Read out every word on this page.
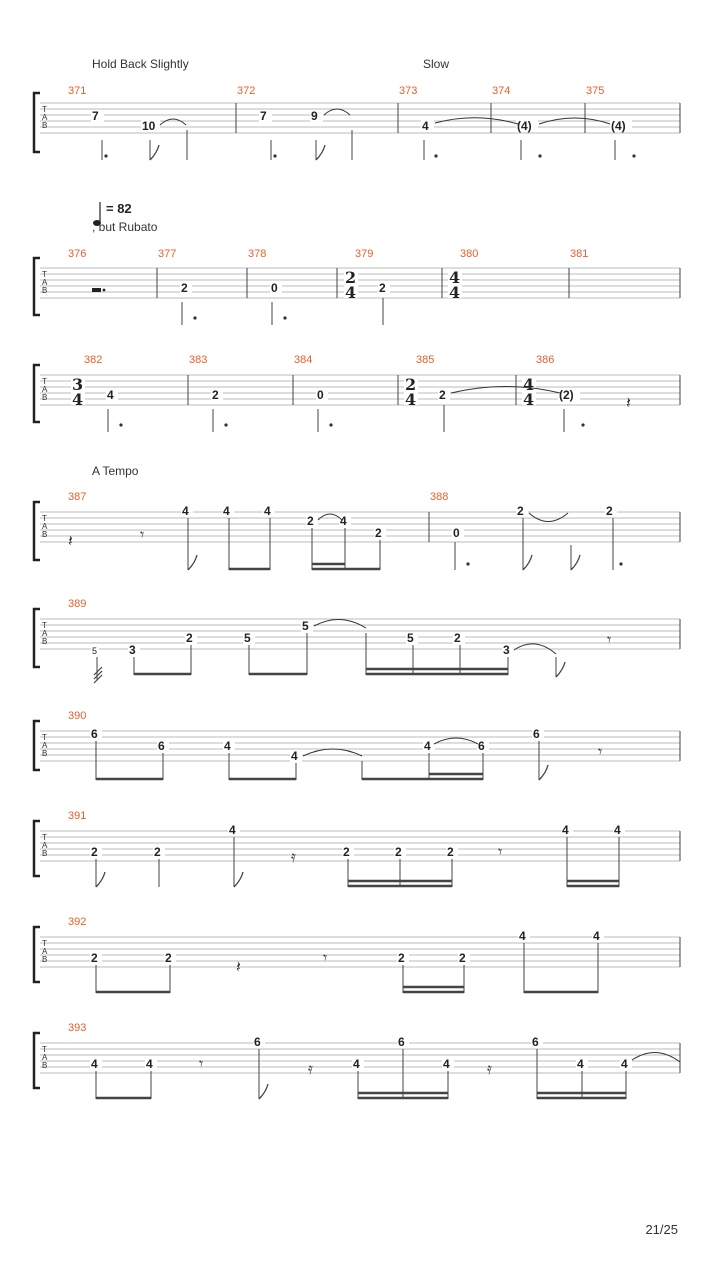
Hold Back Slightly	Slow
= 82
, but Rubato
A Tempo
T
A
B
371	372	373	374	375
7
10
7	9
4	(4)	(4)
T
A
B
376	377	378	379	380	381
2
4
4
4
2	0	2
T
A
B
382	383	384	385	386
3
4
2
4
4
4
4	2	0	2	(2)	𝄽
T
A
B
387	388
𝄽	𝄾
4	4	4
2 4
2	0
2	2
T
A
B
389
5	3
2	5
5
5	2
3
𝄾
T
A
B
390
6
6	4
4
4	6
6
𝄾
T
A
B
391
2	2
4
2	2	2
4	4
𝄿	𝄾
T
A
B
392
2	2	2	2
4	4
𝄽	𝄾
T
A
B
393
4	4
6
4
6
4
6
4	4
𝄾	𝄿	𝄿
21/25
